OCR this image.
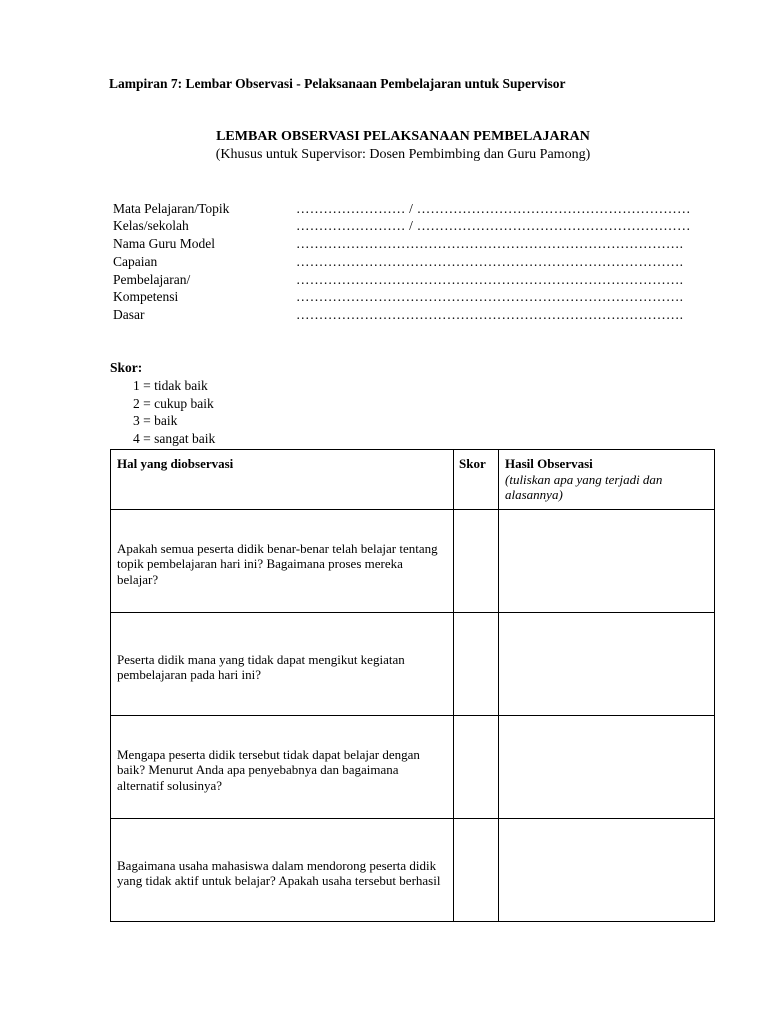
Lampiran 7: Lembar Observasi - Pelaksanaan Pembelajaran untuk Supervisor
LEMBAR OBSERVASI PELAKSANAAN PEMBELAJARAN
(Khusus untuk Supervisor: Dosen Pembimbing dan Guru Pamong)
Mata Pelajaran/Topik	…………………… / ……………………………………………………
Kelas/sekolah	…………………… / ……………………………………………………
Nama Guru Model	………………………………………………………………………….
Capaian	………………………………………………………………………….
Pembelajaran/	………………………………………………………………………….
Kompetensi	………………………………………………………………………….
Dasar	………………………………………………………………………….
Skor:
1 = tidak baik
2 = cukup baik
3 = baik
4 = sangat baik
Hal yang diobservasi	Skor	Hasil Observasi
(tuliskan apa yang terjadi dan alasannya)

Apakah semua peserta didik benar-benar telah belajar tentang topik pembelajaran hari ini? Bagaimana proses mereka belajar?		

Peserta didik mana yang tidak dapat mengikut kegiatan pembelajaran pada hari ini?		

Mengapa peserta didik tersebut tidak dapat belajar dengan baik? Menurut Anda apa penyebabnya dan bagaimana alternatif solusinya?		

Bagaimana usaha mahasiswa dalam mendorong peserta didik yang tidak aktif untuk belajar? Apakah usaha tersebut berhasil		
